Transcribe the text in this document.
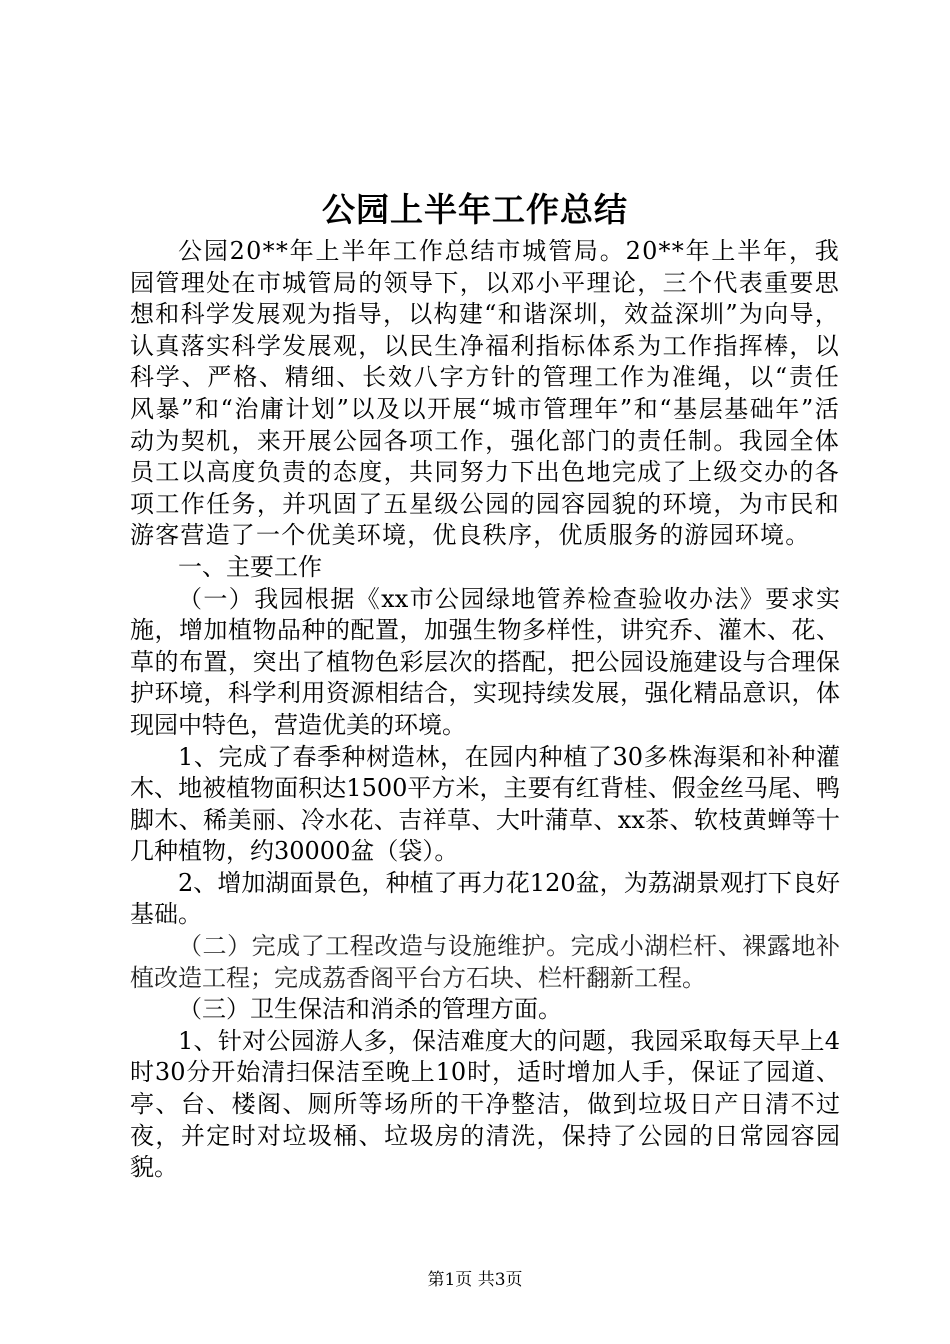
公园上半年工作总结

公园20**年上半年工作总结市城管局。20**年上半年，我园管理处在市城管局的领导下，以邓小平理论，三个代表重要思想和科学发展观为指导，以构建“和谐深圳，效益深圳”为向导，认真落实科学发展观，以民生净福利指标体系为工作指挥棒，以科学、严格、精细、长效八字方针的管理工作为准绳，以“责任风暴”和“治庸计划”以及以开展“城市管理年”和“基层基础年”活动为契机，来开展公园各项工作，强化部门的责任制。我园全体员工以高度负责的态度，共同努力下出色地完成了上级交办的各项工作任务，并巩固了五星级公园的园容园貌的环境，为市民和游客营造了一个优美环境，优良秩序，优质服务的游园环境。

一、主要工作

（一）我园根据《xx市公园绿地管养检查验收办法》要求实施，增加植物品种的配置，加强生物多样性，讲究乔、灌木、花、草的布置，突出了植物色彩层次的搭配，把公园设施建设与合理保护环境，科学利用资源相结合，实现持续发展，强化精品意识，体现园中特色，营造优美的环境。

1、完成了春季种树造林，在园内种植了30多株海渠和补种灌木、地被植物面积达1500平方米，主要有红背桂、假金丝马尾、鸭脚木、稀美丽、冷水花、吉祥草、大叶蒲草、xx茶、软枝黄蝉等十几种植物，约30000盆（袋）。

2、增加湖面景色，种植了再力花120盆，为荔湖景观打下良好基础。

（二）完成了工程改造与设施维护。完成小湖栏杆、裸露地补植改造工程；完成荔香阁平台方石块、栏杆翻新工程。

（三）卫生保洁和消杀的管理方面。

1、针对公园游人多，保洁难度大的问题，我园采取每天早上4时30分开始清扫保洁至晚上10时，适时增加人手，保证了园道、亭、台、楼阁、厕所等场所的干净整洁，做到垃圾日产日清不过夜，并定时对垃圾桶、垃圾房的清洗，保持了公园的日常园容园貌。

第1页 共3页
